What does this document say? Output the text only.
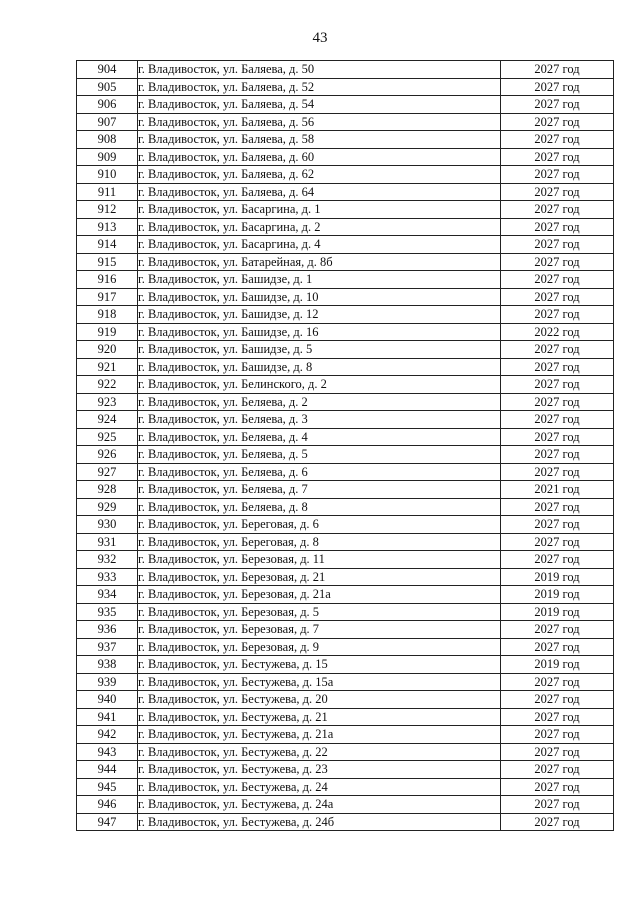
43
904	г. Владивосток, ул. Баляева, д. 50	2027 год
905	г. Владивосток, ул. Баляева, д. 52	2027 год
906	г. Владивосток, ул. Баляева, д. 54	2027 год
907	г. Владивосток, ул. Баляева, д. 56	2027 год
908	г. Владивосток, ул. Баляева, д. 58	2027 год
909	г. Владивосток, ул. Баляева, д. 60	2027 год
910	г. Владивосток, ул. Баляева, д. 62	2027 год
911	г. Владивосток, ул. Баляева, д. 64	2027 год
912	г. Владивосток, ул. Басаргина, д. 1	2027 год
913	г. Владивосток, ул. Басаргина, д. 2	2027 год
914	г. Владивосток, ул. Басаргина, д. 4	2027 год
915	г. Владивосток, ул. Батарейная, д. 8б	2027 год
916	г. Владивосток, ул. Башидзе, д. 1	2027 год
917	г. Владивосток, ул. Башидзе, д. 10	2027 год
918	г. Владивосток, ул. Башидзе, д. 12	2027 год
919	г. Владивосток, ул. Башидзе, д. 16	2022 год
920	г. Владивосток, ул. Башидзе, д. 5	2027 год
921	г. Владивосток, ул. Башидзе, д. 8	2027 год
922	г. Владивосток, ул. Белинского, д. 2	2027 год
923	г. Владивосток, ул. Беляева, д. 2	2027 год
924	г. Владивосток, ул. Беляева, д. 3	2027 год
925	г. Владивосток, ул. Беляева, д. 4	2027 год
926	г. Владивосток, ул. Беляева, д. 5	2027 год
927	г. Владивосток, ул. Беляева, д. 6	2027 год
928	г. Владивосток, ул. Беляева, д. 7	2021 год
929	г. Владивосток, ул. Беляева, д. 8	2027 год
930	г. Владивосток, ул. Береговая, д. 6	2027 год
931	г. Владивосток, ул. Береговая, д. 8	2027 год
932	г. Владивосток, ул. Березовая, д. 11	2027 год
933	г. Владивосток, ул. Березовая, д. 21	2019 год
934	г. Владивосток, ул. Березовая, д. 21а	2019 год
935	г. Владивосток, ул. Березовая, д. 5	2019 год
936	г. Владивосток, ул. Березовая, д. 7	2027 год
937	г. Владивосток, ул. Березовая, д. 9	2027 год
938	г. Владивосток, ул. Бестужева, д. 15	2019 год
939	г. Владивосток, ул. Бестужева, д. 15а	2027 год
940	г. Владивосток, ул. Бестужева, д. 20	2027 год
941	г. Владивосток, ул. Бестужева, д. 21	2027 год
942	г. Владивосток, ул. Бестужева, д. 21а	2027 год
943	г. Владивосток, ул. Бестужева, д. 22	2027 год
944	г. Владивосток, ул. Бестужева, д. 23	2027 год
945	г. Владивосток, ул. Бестужева, д. 24	2027 год
946	г. Владивосток, ул. Бестужева, д. 24а	2027 год
947	г. Владивосток, ул. Бестужева, д. 24б	2027 год
